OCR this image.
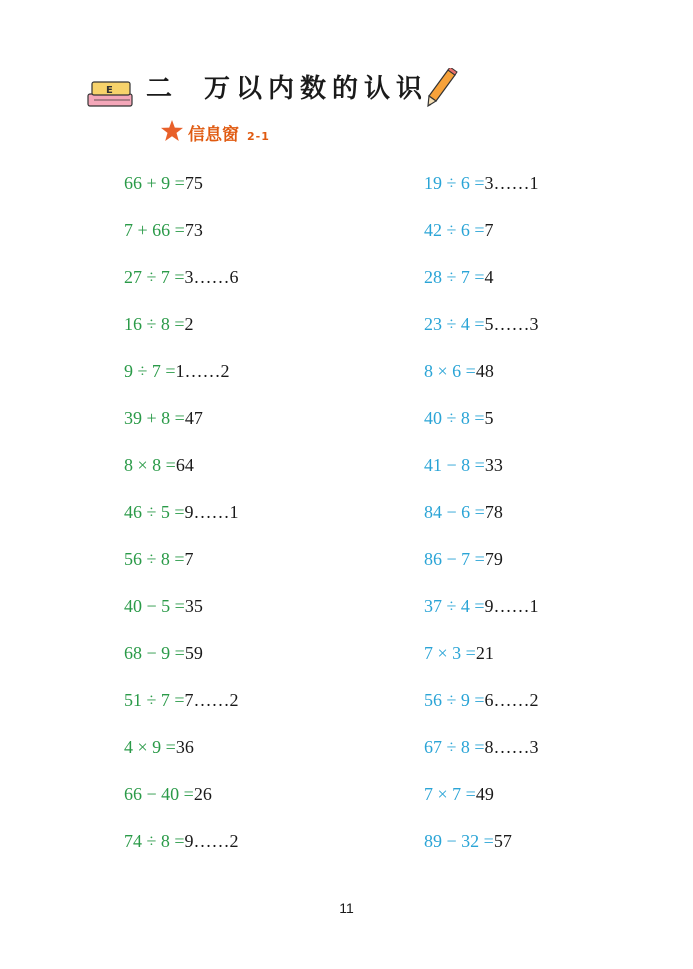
E 二 万以内数的认识
信息窗 2-1
66 + 9 =75
7 + 66 =73
27 ÷ 7 =3……6
16 ÷ 8 =2
9 ÷ 7 =1……2
39 + 8 =47
8 × 8 =64
46 ÷ 5 =9……1
56 ÷ 8 =7
40 − 5 =35
68 − 9 =59
51 ÷ 7 =7……2
4 × 9 =36
66 − 40 =26
74 ÷ 8 =9……2
19 ÷ 6 =3……1
42 ÷ 6 =7
28 ÷ 7 =4
23 ÷ 4 =5……3
8 × 6 =48
40 ÷ 8 =5
41 − 8 =33
84 − 6 =78
86 − 7 =79
37 ÷ 4 =9……1
7 × 3 =21
56 ÷ 9 =6……2
67 ÷ 8 =8……3
7 × 7 =49
89 − 32 =57
11
